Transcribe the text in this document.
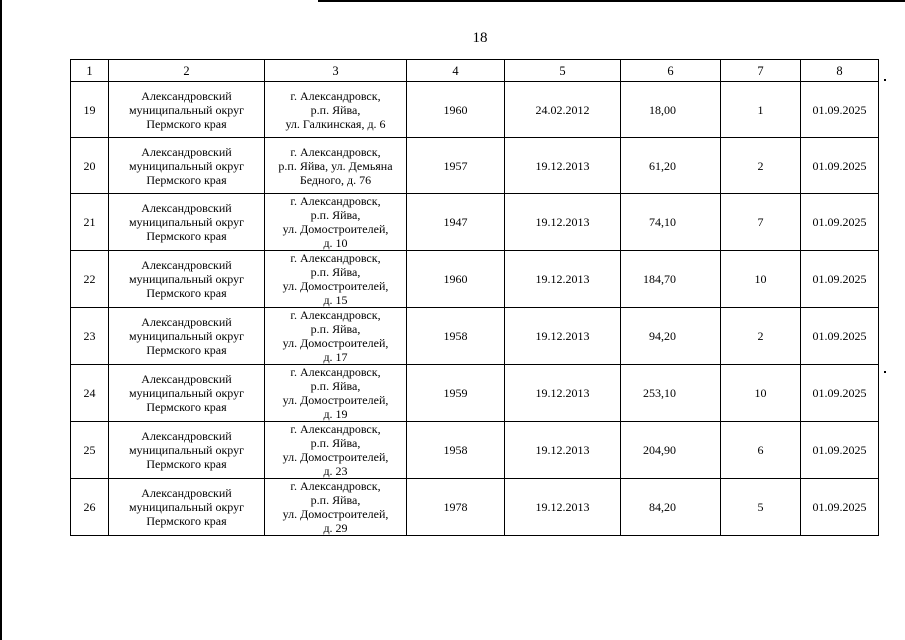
18
1	2	3	4	5	6	7	8
19	Александровский
муниципальный округ
Пермского края	г. Александровск,
р.п. Яйва,
ул. Галкинская, д. 6	1960	24.02.2012	18,00	1	01.09.2025
20	Александровский
муниципальный округ
Пермского края	г. Александровск,
р.п. Яйва, ул. Демьяна
Бедного, д. 76	1957	19.12.2013	61,20	2	01.09.2025
21	Александровский
муниципальный округ
Пермского края	г. Александровск,
р.п. Яйва,
ул. Домостроителей,
д. 10	1947	19.12.2013	74,10	7	01.09.2025
22	Александровский
муниципальный округ
Пермского края	г. Александровск,
р.п. Яйва,
ул. Домостроителей,
д. 15	1960	19.12.2013	184,70	10	01.09.2025
23	Александровский
муниципальный округ
Пермского края	г. Александровск,
р.п. Яйва,
ул. Домостроителей,
д. 17	1958	19.12.2013	94,20	2	01.09.2025
24	Александровский
муниципальный округ
Пермского края	г. Александровск,
р.п. Яйва,
ул. Домостроителей,
д. 19	1959	19.12.2013	253,10	10	01.09.2025
25	Александровский
муниципальный округ
Пермского края	г. Александровск,
р.п. Яйва,
ул. Домостроителей,
д. 23	1958	19.12.2013	204,90	6	01.09.2025
26	Александровский
муниципальный округ
Пермского края	г. Александровск,
р.п. Яйва,
ул. Домостроителей,
д. 29	1978	19.12.2013	84,20	5	01.09.2025
